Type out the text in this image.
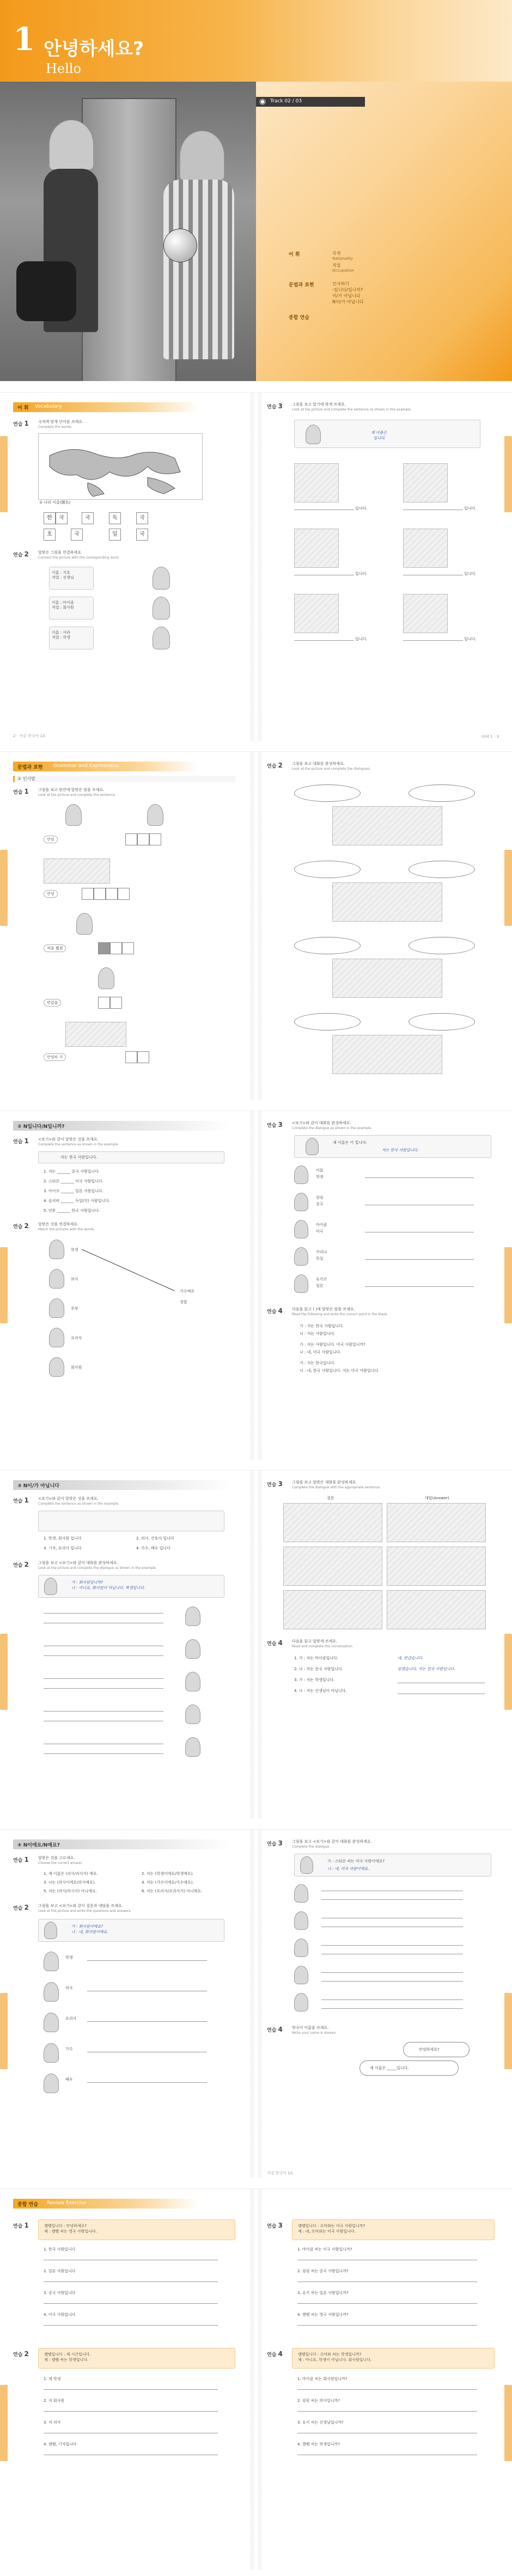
1 안녕하세요?
Hello
Track 02 / 03
어 휘	국적
Nationality
직업
Occupation
문법과 표현	인사하기
-입니다/입니까?
이/가 아닙니다
N이/가 아닙니다
종합 연습
어 휘 Vocabulary
연습 1 국적에 맞게 단어를 쓰세요.
Complete the words.
① 나라 이름(國名)
한	국	국	독	국
호	국	일	국
연습 2 알맞은 그림을 연결하세요.
Connect the picture with the corresponding word.
이름 : 지호
직업 : 선생님
이름 : 마이클
직업 : 회사원
이름 : 사라
직업 : 학생
2 · 서강 한국어 1A
연습 3 그림을 보고 알기에 맞게 쓰세요.
Look at the picture and complete the sentence as shown in the example.
제 이름은
입니다.
입니다.	입니다.
입니다.	입니다.
입니다.	입니다.
Unit 1 · 3
문법과 표현 Grammar and Expressions
① 인사말
연습 1 그림을 보고 빈칸에 알맞은 말을 쓰세요.
Look at the picture and complete the sentence.
안녕
안녕
처음 뵙겠
반갑습
안녕히 가
연습 2 그림을 보고 대화를 완성하세요.
Look at the picture and complete the dialogues.
② N입니다/N입니까?
연습 1 <보기>와 같이 알맞은 것을 쓰세요.
Complete the sentence as shown in the example.
저는 한국 사람입니다.
1. 저는 _______ 중국 사람입니다.
2. 스티븐 _______ 미국 사람입니다.
3. 아이코 _______ 일본 사람입니다.
4. 올리버 _______ 독일(인) 사람입니다.
5. 민준 _______ 한국 사람입니다.
연습 2 알맞은 것을 연결하세요.
Match the pictures with the words.
학생
의사
주부
요리사
회사원
가수예요
경찰
연습 3 <보기>와 같이 대화를 완성하세요.
Complete the dialogue as shown in the example.
제 이름은 이 입니다.
저는 한국 사람입니다.
이름
학생
링링
중국
마이클
미국
카리나
독일
유키코
일본
연습 4 다음을 읽고 ( )에 알맞은 말을 쓰세요.
Read the following and write the correct word in the blank.
가 : 저는 한국 사람입니다.
나 : 저는 사람입니다.
가 : 저는 사람입니다. 미국 사람입니까?
나 : 네, 미국 사람입니다.
가 : 저는 한국입니다.
나 : 네, 한국 사람입니다. 저는 미국 사람입니다.
③ N이/가 아닙니다
연습 1 <보기>와 같이 알맞은 것을 쓰세요.
Complete the sentence as shown in the example.
1. 학생, 회사원 입니다	2. 의사, 간호사 입니다
3. 기자, 요리사 입니다	4. 가수, 배우 입니다
연습 2 그림을 보고 <보기>와 같이 대화를 완성하세요.
Look at the picture and complete the dialogue as shown in the example.
가 : 회사원입니까?
나 : 아니요, 회사원이 아닙니다. 학생입니다.
연습 3 그림을 보고 알맞은 대화를 완성하세요.
Complete the dialogue with the appropriate sentence.
질문	대답(Answer)
연습 4 다음을 읽고 알맞게 쓰세요.
Read and complete the conversation.
1. 가 : 저는 마이클입니다.	네, 반갑습니다.
2. 나 : 저는 중국 사람입니다.	알겠습니다. 저는 한국 사람입니다.
3. 가 : 저는 학생입니다.
4. 나 : 저는 선생님이 아닙니다.
④ N이에요/N예요?
연습 1 알맞은 것을 고르세요.
Choose the correct answer.
1. 제 이름은 (리사/리사가) 예요.	2. 저는 (학생이에요/학생예요).
3. 나는 (의사이에요/의사예요).	4. 저는 (가수이에요/가수예요).
5. 저는 (의사/의사가) 아니에요.	6. 저는 (요리사/요리사가) 아니에요.
연습 2 그림을 보고 <보기>와 같이 질문과 대답을 쓰세요.
Look at the picture and write the questions and answers.
가 : 회사원이에요?
나 : 네, 회사원이에요.
학생
의사
요리사
가수
배우
연습 3 그림을 보고 <보기>와 같이 대화를 완성하세요.
Complete the dialogue.
가 : 스티븐 씨는 미국 사람이에요?
나 : 네, 미국 사람이에요.
연습 4 한국어 이름을 쓰세요.
Write your name in Korean.
안녕하세요?
제 이름은 _____입니다.
서강 한국어 1A
종합 연습 Review Exercise
연습 1	캠벨입니다 : 안녕하세요?
제 : 캠벨 씨는 영국 사람입니다.
1. 한국 사람입니다
2. 일본 사람입니다
3. 중국 사람입니다
4. 미국 사람입니다
연습 2	캠벨입니다 : 제 시간입니다.
제 : 캠벨 씨는 학생입니다.
1. 제 학생
2. 저 회사원
3. 저 의사
4. 캠벨, 기자입니다
연습 3	캠벨입니다 : 오마와는 미국 사람입니까?
제 : 네, 오마와는 미국 사람입니다.
1. 마이클 씨는 미국 사람입니까?
2. 링링 씨는 중국 사람입니까?
3. 유키 씨는 일본 사람입니까?
4. 캠벨 씨는 영국 사람입니까?
연습 4	캠벨입니다 : 오마와 씨는 학생입니까?
제 : 아니요, 학생이 아닙니다. 회사원입니다.
1. 마이클 씨는 회사원입니까?
2. 링링 씨는 의사입니까?
3. 유키 씨는 선생님입니까?
4. 캠벨 씨는 학생입니까?
